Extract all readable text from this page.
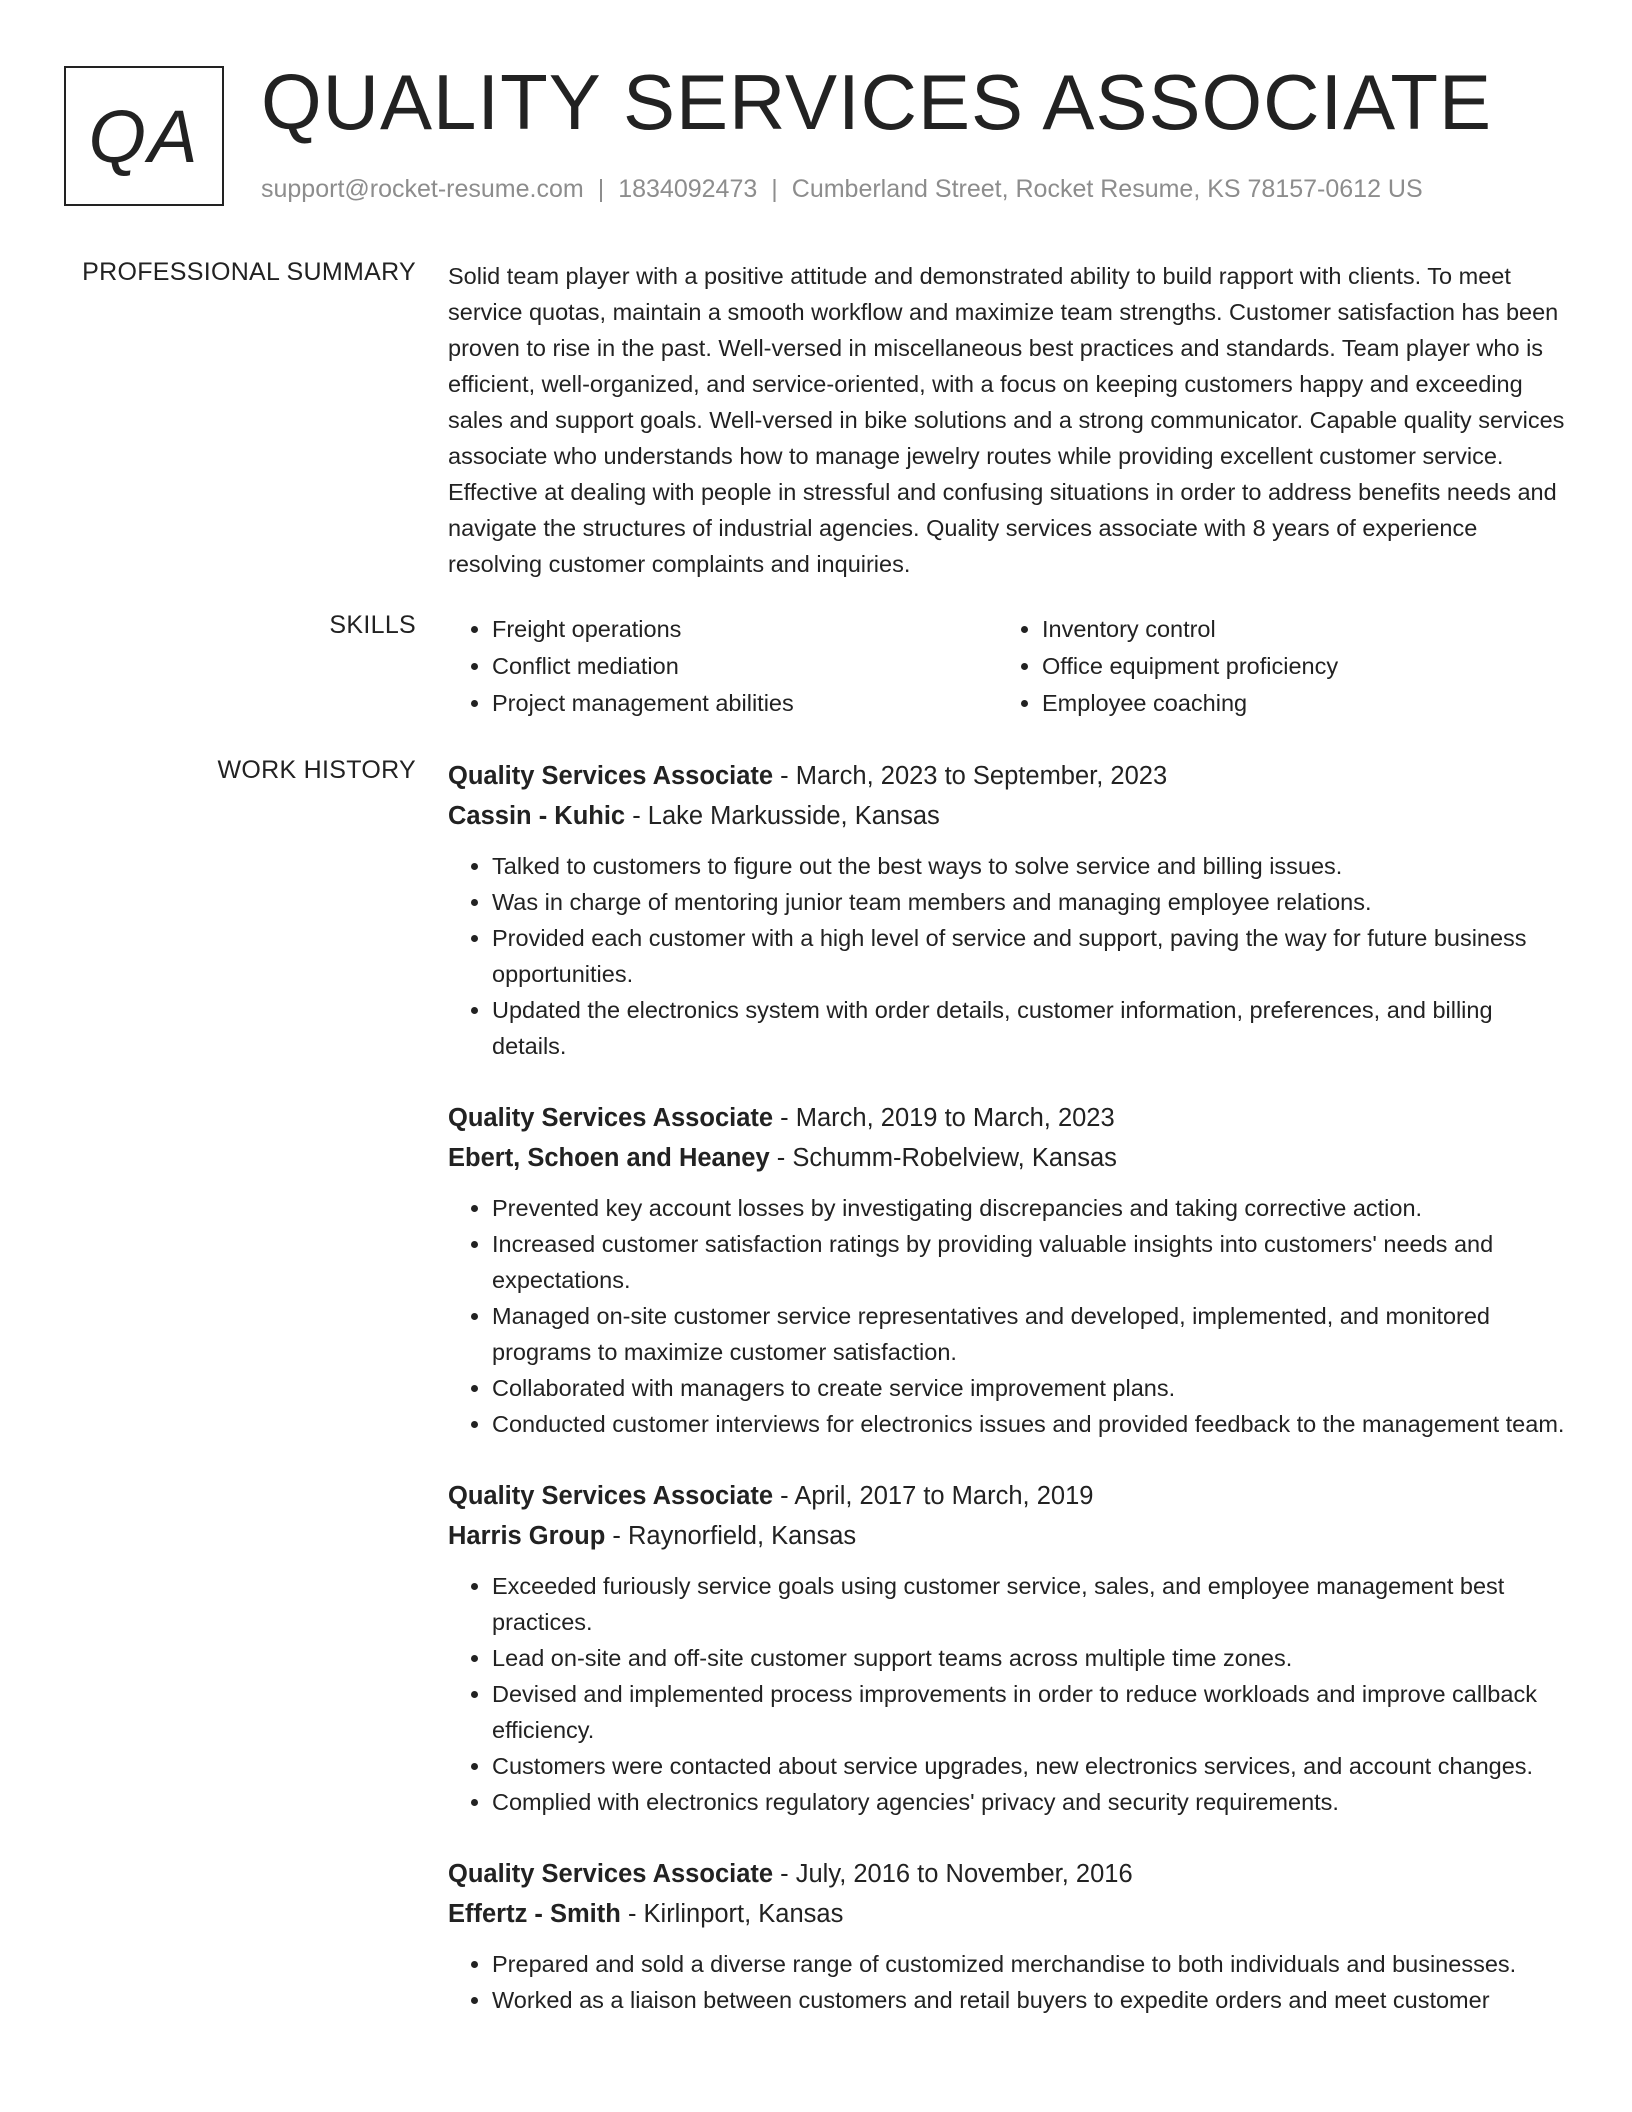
QA QUALITY SERVICES ASSOCIATE
support@rocket-resume.com | 1834092473 | Cumberland Street, Rocket Resume, KS 78157-0612 US
PROFESSIONAL SUMMARY Solid team player with a positive attitude and demonstrated ability to build rapport with clients. To meet service quotas, maintain a smooth workflow and maximize team strengths. Customer satisfaction has been proven to rise in the past. Well-versed in miscellaneous best practices and standards. Team player who is efficient, well-organized, and service-oriented, with a focus on keeping customers happy and exceeding sales and support goals. Well-versed in bike solutions and a strong communicator. Capable quality services associate who understands how to manage jewelry routes while providing excellent customer service. Effective at dealing with people in stressful and confusing situations in order to address benefits needs and navigate the structures of industrial agencies. Quality services associate with 8 years of experience resolving customer complaints and inquiries.

SKILLS
•	Freight operations
• Conflict mediation
• Project management abilities
• Inventory control
• Office equipment proficiency
• Employee coaching
WORK HISTORY Quality Services Associate - March, 2023 to September, 2023
Cassin - Kuhic - Lake Markusside, Kansas
• Talked to customers to figure out the best ways to solve service and billing issues.
• Was in charge of mentoring junior team members and managing employee relations.
• Provided each customer with a high level of service and support, paving the way for future business opportunities.
• Updated the electronics system with order details, customer information, preferences, and billing details.
Quality Services Associate - March, 2019 to March, 2023
Ebert, Schoen and Heaney - Schumm-Robelview, Kansas
• Prevented key account losses by investigating discrepancies and taking corrective action.
• Increased customer satisfaction ratings by providing valuable insights into customers' needs and expectations.
• Managed on-site customer service representatives and developed, implemented, and monitored programs to maximize customer satisfaction.
• Collaborated with managers to create service improvement plans.
• Conducted customer interviews for electronics issues and provided feedback to the management team.
Quality Services Associate - April, 2017 to March, 2019
Harris Group - Raynorfield, Kansas
• Exceeded furiously service goals using customer service, sales, and employee management best practices.
• Lead on-site and off-site customer support teams across multiple time zones.
• Devised and implemented process improvements in order to reduce workloads and improve callback efficiency.
• Customers were contacted about service upgrades, new electronics services, and account changes.
• Complied with electronics regulatory agencies' privacy and security requirements.
Quality Services Associate - July, 2016 to November, 2016
Effertz - Smith - Kirlinport, Kansas
• Prepared and sold a diverse range of customized merchandise to both individuals and businesses.
• Worked as a liaison between customers and retail buyers to expedite orders and meet customer
